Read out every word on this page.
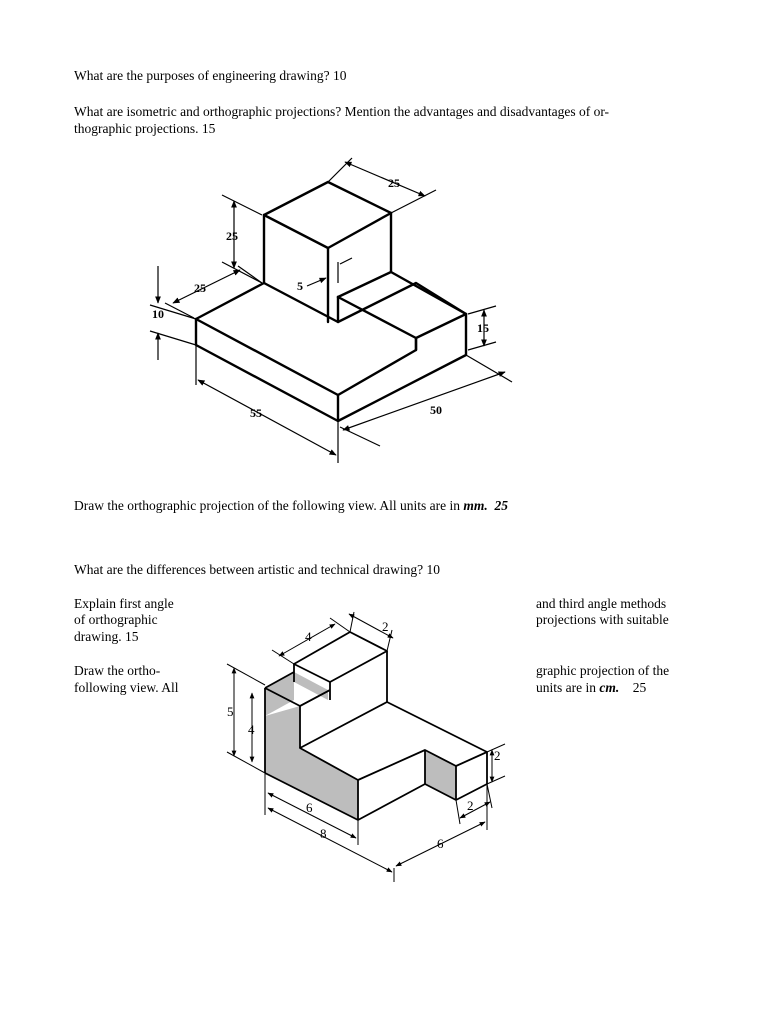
What are the purposes of engineering drawing? 10
What are isometric and orthographic projections? Mention the advantages and disadvantages of or-
thographic projections. 15
Draw the orthographic projection of the following view. All units are in mm. 25
What are the differences between artistic and technical drawing? 10
Explain first angle
of orthographic
drawing. 15
and third angle methods
projections with suitable
Draw the ortho-
following view. All
graphic projection of the
units are in cm. 25
25
25
25
10
5
15
55	50
4
2
5
4
2
2
6
8
6
